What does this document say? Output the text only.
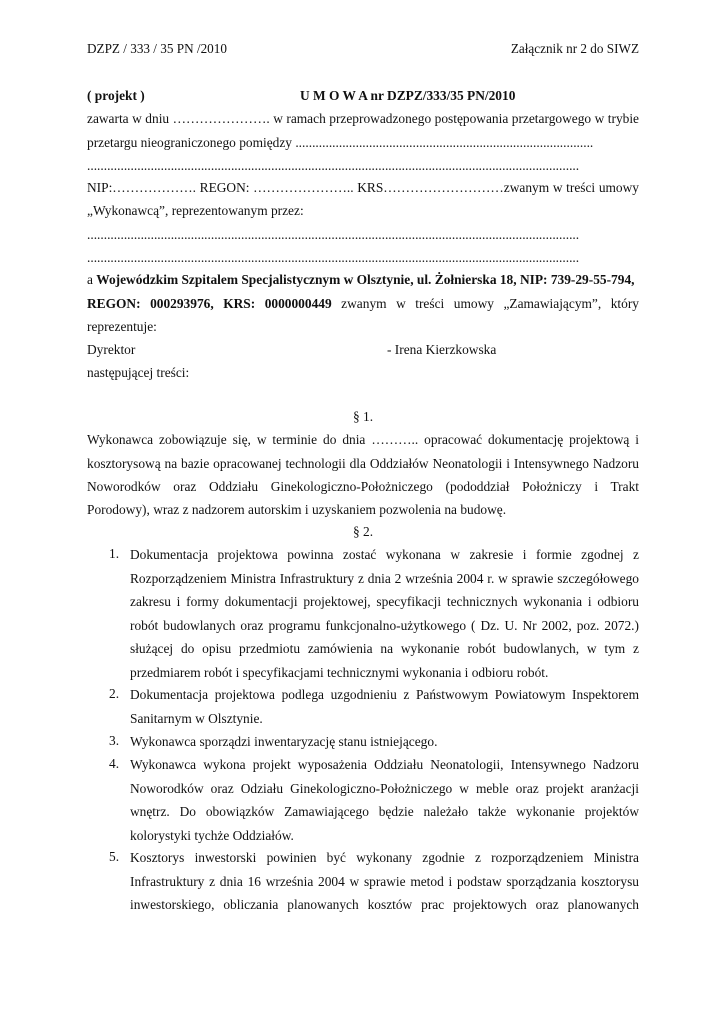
DZPZ / 333 / 35 PN /2010	Załącznik nr 2 do SIWZ
( projekt )	U M O W A nr DZPZ/333/35 PN/2010
zawarta w dniu …………………. w ramach przeprowadzonego postępowania przetargowego w trybie
przetargu nieograniczonego pomiędzy .........................................................................................
...................................................................................................................................................
NIP:………………. REGON: ………………….. KRS………………………zwanym w treści umowy
„Wykonawcą”, reprezentowanym przez:
...................................................................................................................................................
...................................................................................................................................................
a Wojewódzkim Szpitalem Specjalistycznym w Olsztynie, ul. Żołnierska 18, NIP: 739-29-55-794,
REGON: 000293976, KRS: 0000000449 zwanym w treści umowy „Zamawiającym”, który
reprezentuje:
Dyrektor	- Irena Kierzkowska
następującej treści:
§ 1.
Wykonawca zobowiązuje się, w terminie do dnia ……….. opracować dokumentację projektową i
kosztorysową na bazie opracowanej technologii dla Oddziałów Neonatologii i Intensywnego Nadzoru
Noworodków oraz Oddziału Ginekologiczno-Położniczego (pododdział Położniczy i Trakt
Porodowy), wraz z nadzorem autorskim i uzyskaniem pozwolenia na budowę.
§ 2.
1. Dokumentacja projektowa powinna zostać wykonana w zakresie i formie zgodnej z
Rozporządzeniem Ministra Infrastruktury z dnia 2 września 2004 r. w sprawie szczegółowego
zakresu i formy dokumentacji projektowej, specyfikacji technicznych wykonania i odbioru
robót budowlanych oraz programu funkcjonalno-użytkowego ( Dz. U. Nr 2002, poz. 2072.)
służącej do opisu przedmiotu zamówienia na wykonanie robót budowlanych, w tym z
przedmiarem robót i specyfikacjami technicznymi wykonania i odbioru robót.
2. Dokumentacja projektowa podlega uzgodnieniu z Państwowym Powiatowym Inspektorem
Sanitarnym w Olsztynie.
3. Wykonawca sporządzi inwentaryzację stanu istniejącego.
4. Wykonawca wykona projekt wyposażenia Oddziału Neonatologii, Intensywnego Nadzoru
Noworodków oraz Odziału Ginekologiczno-Położniczego w meble oraz projekt aranżacji
wnętrz. Do obowiązków Zamawiającego będzie należało także wykonanie projektów
kolorystyki tychże Oddziałów.
5. Kosztorys inwestorski powinien być wykonany zgodnie z rozporządzeniem Ministra
Infrastruktury z dnia 16 września 2004 w sprawie metod i podstaw sporządzania kosztorysu
inwestorskiego, obliczania planowanych kosztów prac projektowych oraz planowanych
